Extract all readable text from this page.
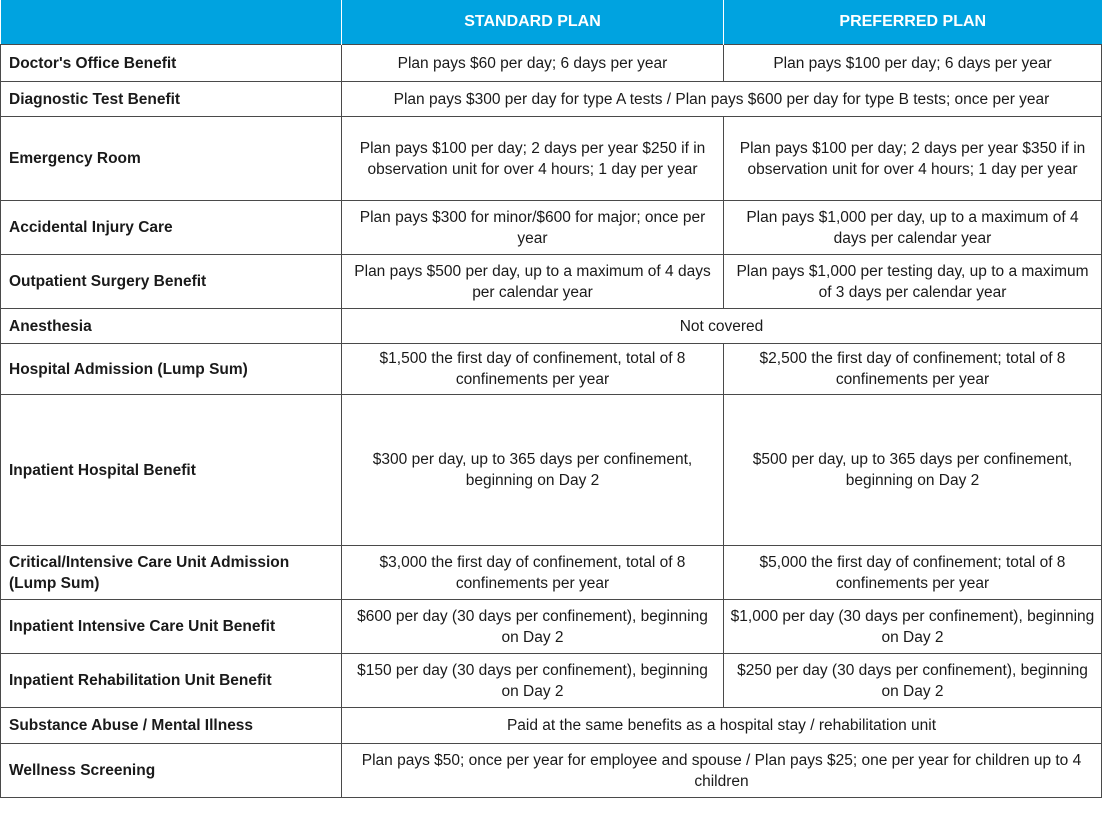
	STANDARD PLAN	PREFERRED PLAN
Doctor's Office Benefit	Plan pays $60 per day; 6 days per year	Plan pays $100 per day; 6 days per year
Diagnostic Test Benefit	Plan pays $300 per day for type A tests / Plan pays $600 per day for type B tests; once per year	
Emergency Room	Plan pays $100 per day; 2 days per year $250 if in observation unit for over 4 hours; 1 day per year	Plan pays $100 per day; 2 days per year $350 if in observation unit for over 4 hours; 1 day per year
Accidental Injury Care	Plan pays $300 for minor/$600 for major; once per year	Plan pays $1,000 per day, up to a maximum of 4 days per calendar year
Outpatient Surgery Benefit	Plan pays $500 per day, up to a maximum of 4 days per calendar year	Plan pays $1,000 per testing day, up to a maximum of 3 days per calendar year
Anesthesia	Not covered	
Hospital Admission (Lump Sum)	$1,500 the first day of confinement, total of 8 confinements per year	$2,500 the first day of confinement; total of 8 confinements per year
Inpatient Hospital Benefit	$300 per day, up to 365 days per confinement, beginning on Day 2	$500 per day, up to 365 days per confinement, beginning on Day 2
Critical/Intensive Care Unit Admission (Lump Sum)	$3,000 the first day of confinement, total of 8 confinements per year	$5,000 the first day of confinement; total of 8 confinements per year
Inpatient Intensive Care Unit Benefit	$600 per day (30 days per confinement), beginning on Day 2	$1,000 per day (30 days per confinement), beginning on Day 2
Inpatient Rehabilitation Unit Benefit	$150 per day (30 days per confinement), beginning on Day 2	$250 per day (30 days per confinement), beginning on Day 2
Substance Abuse / Mental Illness	Paid at the same benefits as a hospital stay / rehabilitation unit	
Wellness Screening	Plan pays $50; once per year for employee and spouse / Plan pays $25; one per year for children up to 4 children	
